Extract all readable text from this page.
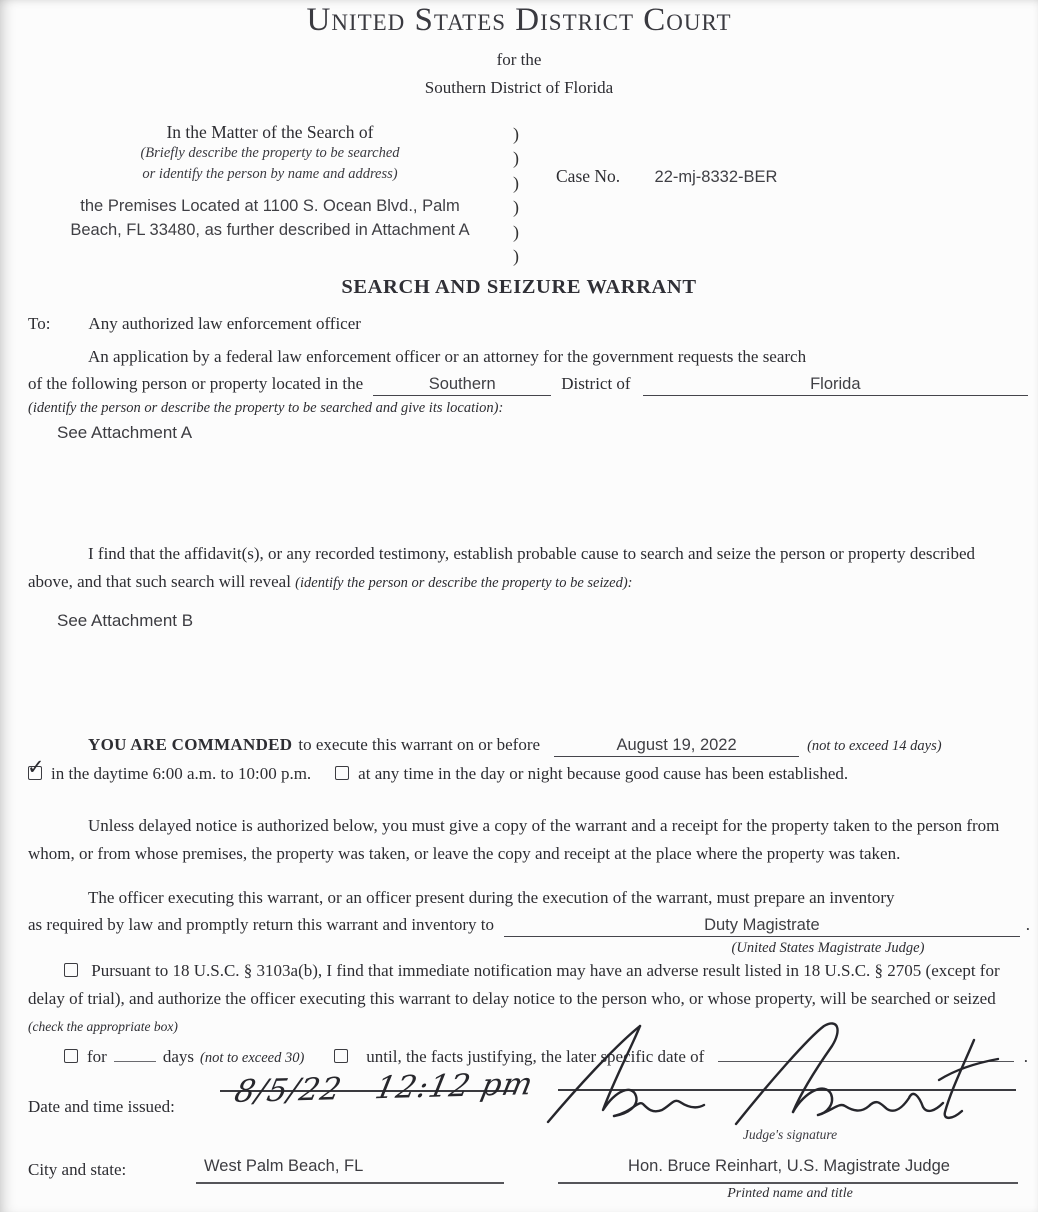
United States District Court
for the
Southern District of Florida
In the Matter of the Search of
(Briefly describe the property to be searched
or identify the person by name and address)
the Premises Located at 1100 S. Ocean Blvd., Palm
Beach, FL 33480, as further described in Attachment A
)
)
)
)
)
)
Case No. 22-mj-8332-BER
SEARCH AND SEIZURE WARRANT
To: Any authorized law enforcement officer
An application by a federal law enforcement officer or an attorney for the government requests the search
of the following person or property located in the	Southern	District of	Florida
(identify the person or describe the property to be searched and give its location):
See Attachment A

I find that the affidavit(s), or any recorded testimony, establish probable cause to search and seize the person or property described above, and that such search will reveal (identify the person or describe the property to be seized):

See Attachment B
YOU ARE COMMANDED to execute this warrant on or before	August 19, 2022	(not to exceed 14 days)
✓
in the daytime 6:00 a.m. to 10:00 p.m.	at any time in the day or night because good cause has been established.

Unless delayed notice is authorized below, you must give a copy of the warrant and a receipt for the property taken to the person from whom, or from whose premises, the property was taken, or leave the copy and receipt at the place where the property was taken.

The officer executing this warrant, or an officer present during the execution of the warrant, must prepare an inventory
as required by law and promptly return this warrant and inventory to	Duty Magistrate	.
(United States Magistrate Judge)

Pursuant to 18 U.S.C. § 3103a(b), I find that immediate notification may have an adverse result listed in 18 U.S.C. § 2705 (except for delay of trial), and authorize the officer executing this warrant to delay notice to the person who, or whose property, will be searched or seized (check the appropriate box)

for	days (not to exceed 30)	until, the facts justifying, the later specific date of	.
Judge's signature
Date and time issued: 8/5/22 12:12 pm
City and state:	West Palm Beach, FL	Hon. Bruce Reinhart, U.S. Magistrate Judge
Printed name and title
